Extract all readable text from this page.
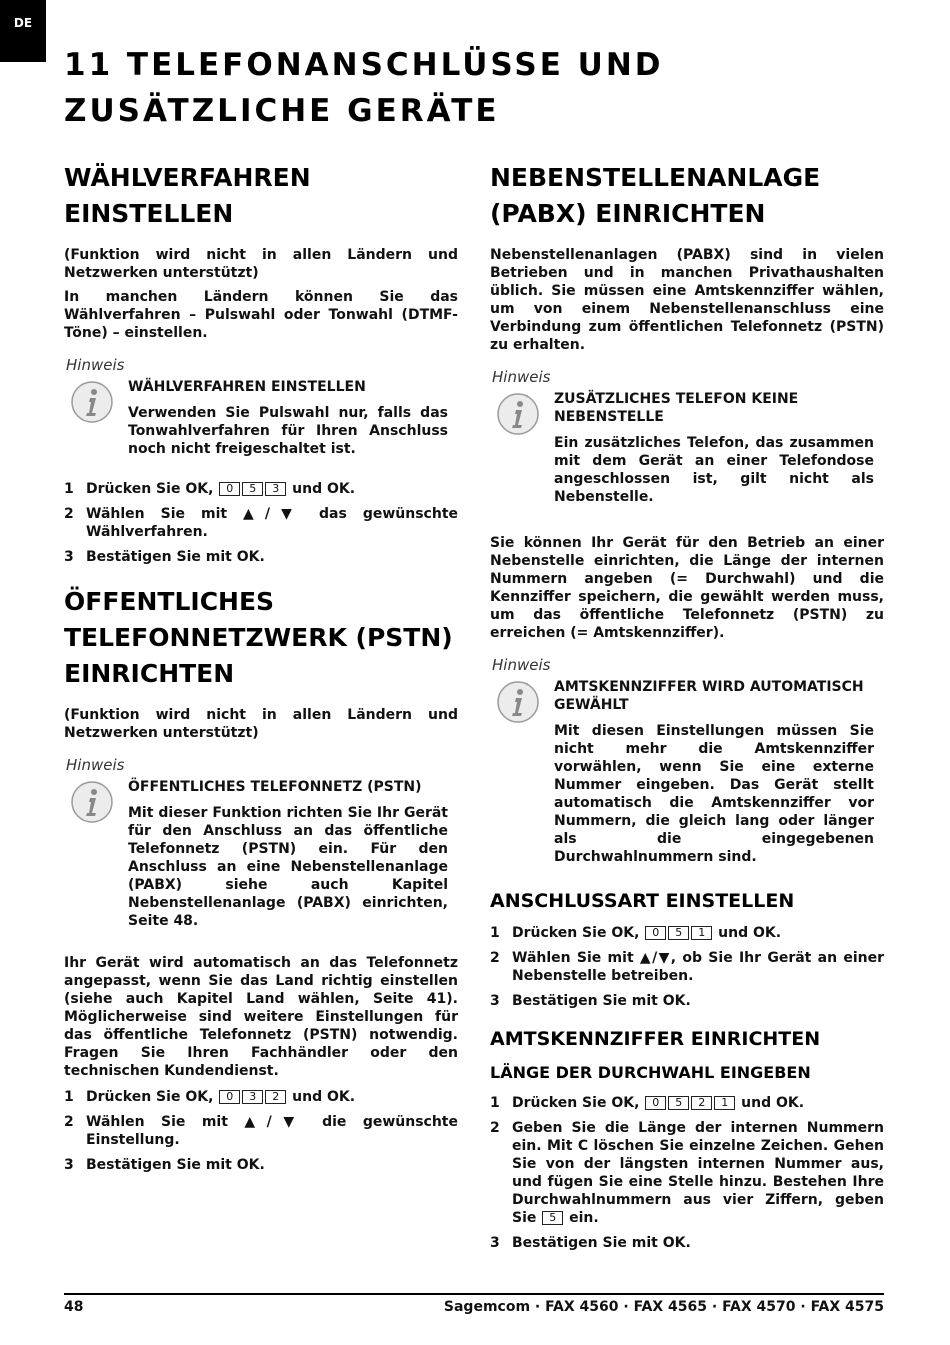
DE
11 TELEFONANSCHLÜSSE UND ZUSÄTZLICHE GERÄTE
WÄHLVERFAHREN EINSTELLEN

(Funktion wird nicht in allen Ländern und Netzwerken unterstützt)

In manchen Ländern können Sie das Wählverfahren – Pulswahl oder Tonwahl (DTMF-Töne) – einstellen.

Hinweis
WÄHLVERFAHREN EINSTELLEN
Verwenden Sie Pulswahl nur, falls das Tonwahlverfahren für Ihren Anschluss noch nicht freigeschaltet ist.
1 Drücken Sie OK, 0 5 3 und OK.
2 Wählen Sie mit ▲/▼ das gewünschte Wählverfahren.
3 Bestätigen Sie mit OK.
ÖFFENTLICHES TELEFONNETZWERK (PSTN) EINRICHTEN

(Funktion wird nicht in allen Ländern und Netzwerken unterstützt)

Hinweis
ÖFFENTLICHES TELEFONNETZ (PSTN)
Mit dieser Funktion richten Sie Ihr Gerät für den Anschluss an das öffentliche Telefonnetz (PSTN) ein. Für den Anschluss an eine Nebenstellenanlage (PABX) siehe auch Kapitel Nebenstellenanlage (PABX) einrichten, Seite 48.

Ihr Gerät wird automatisch an das Telefonnetz angepasst, wenn Sie das Land richtig einstellen (siehe auch Kapitel Land wählen, Seite 41). Möglicherweise sind weitere Einstellungen für das öffentliche Telefonnetz (PSTN) notwendig. Fragen Sie Ihren Fachhändler oder den technischen Kundendienst.

1 Drücken Sie OK, 0 3 2 und OK.
2 Wählen Sie mit ▲/▼ die gewünschte Einstellung.
3 Bestätigen Sie mit OK.
NEBENSTELLENANLAGE (PABX) EINRICHTEN

Nebenstellenanlagen (PABX) sind in vielen Betrieben und in manchen Privathaushalten üblich. Sie müssen eine Amtskennziffer wählen, um von einem Nebenstellenanschluss eine Verbindung zum öffentlichen Telefonnetz (PSTN) zu erhalten.

Hinweis
ZUSÄTZLICHES TELEFON KEINE NEBENSTELLE
Ein zusätzliches Telefon, das zusammen mit dem Gerät an einer Telefondose angeschlossen ist, gilt nicht als Nebenstelle.

Sie können Ihr Gerät für den Betrieb an einer Nebenstelle einrichten, die Länge der internen Nummern angeben (= Durchwahl) und die Kennziffer speichern, die gewählt werden muss, um das öffentliche Telefonnetz (PSTN) zu erreichen (= Amtskennziffer).

Hinweis
AMTSKENNZIFFER WIRD AUTOMATISCH GEWÄHLT
Mit diesen Einstellungen müssen Sie nicht mehr die Amtskennziffer vorwählen, wenn Sie eine externe Nummer eingeben. Das Gerät stellt automatisch die Amtskennziffer vor Nummern, die gleich lang oder länger als die eingegebenen Durchwahlnummern sind.
ANSCHLUSSART EINSTELLEN
1 Drücken Sie OK, 0 5 1 und OK.
2 Wählen Sie mit ▲/▼, ob Sie Ihr Gerät an einer Nebenstelle betreiben.
3 Bestätigen Sie mit OK.
AMTSKENNZIFFER EINRICHTEN
LÄNGE DER DURCHWAHL EINGEBEN
1 Drücken Sie OK, 0 5 2 1 und OK.
2 Geben Sie die Länge der internen Nummern ein. Mit C löschen Sie einzelne Zeichen. Gehen Sie von der längsten internen Nummer aus, und fügen Sie eine Stelle hinzu. Bestehen Ihre Durchwahlnummern aus vier Ziffern, geben Sie 5 ein.
3 Bestätigen Sie mit OK.
48	Sagemcom · FAX 4560 · FAX 4565 · FAX 4570 · FAX 4575
